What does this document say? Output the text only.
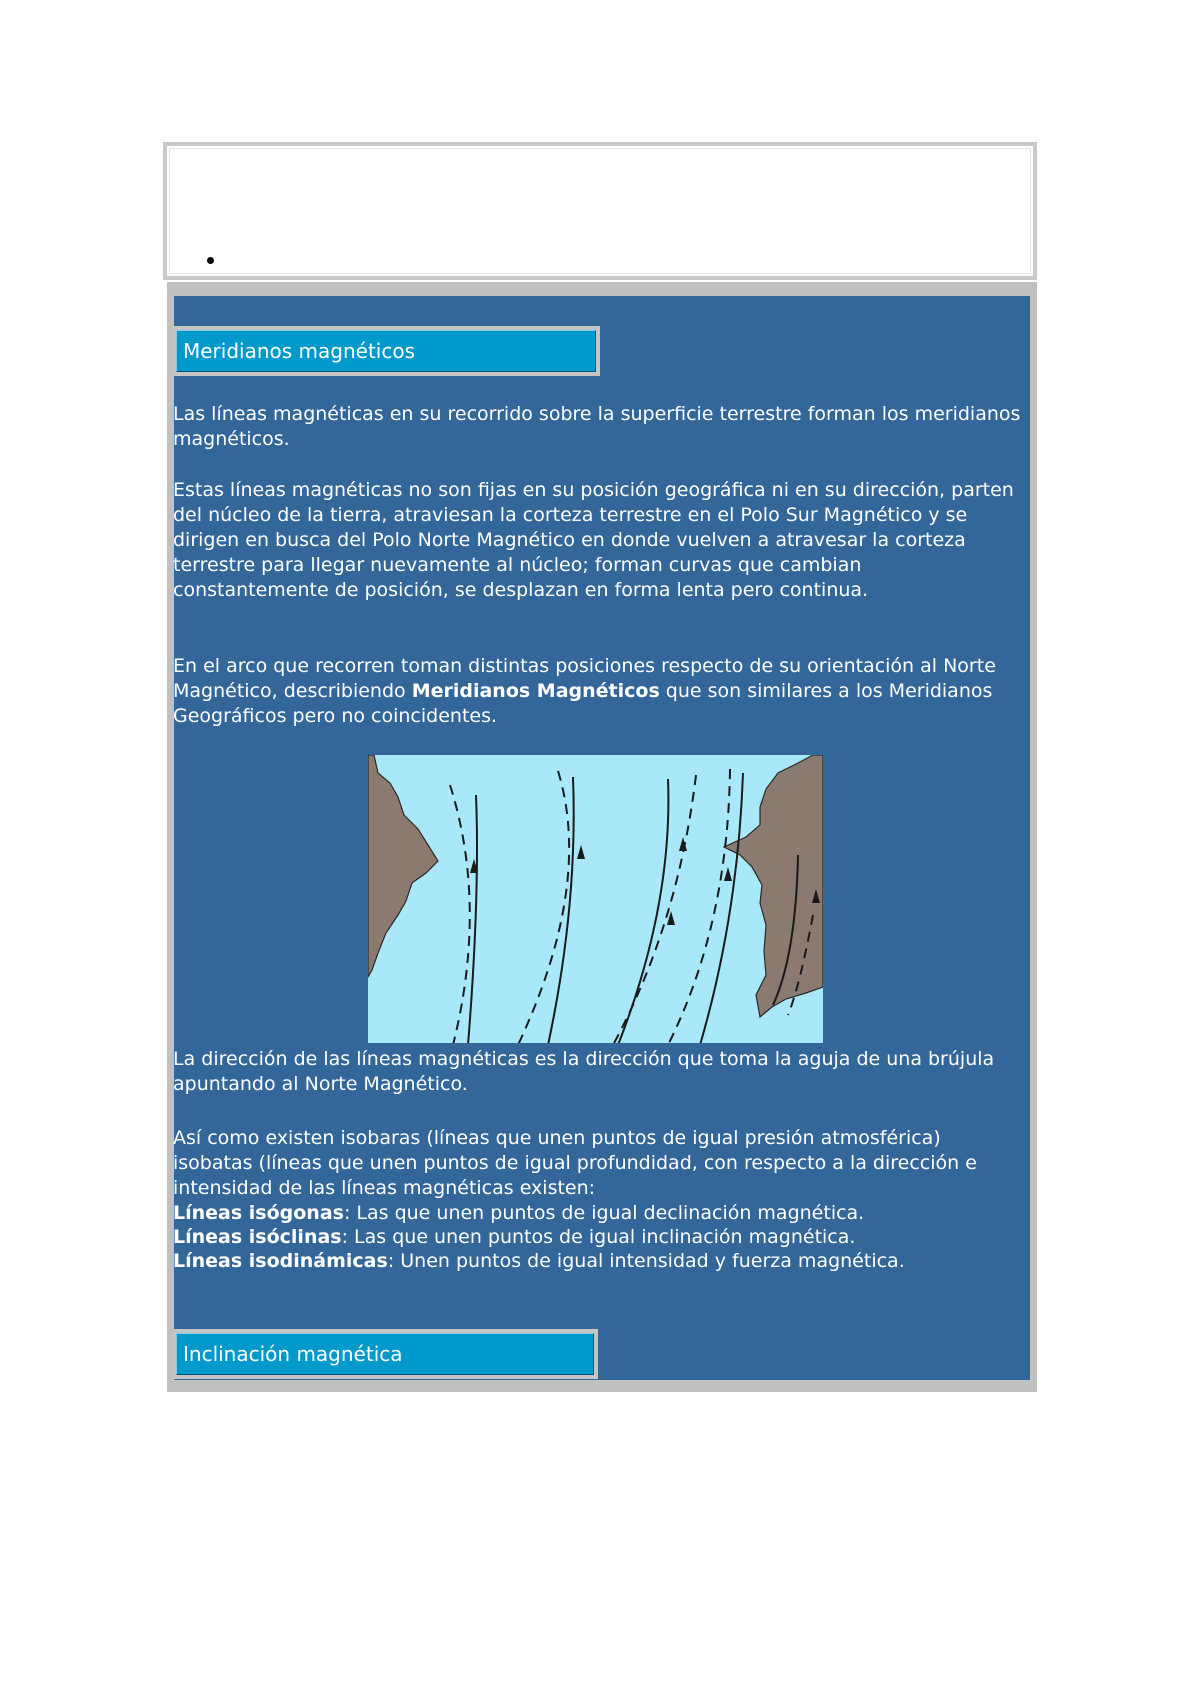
Meridianos magnéticos

Las líneas magnéticas en su recorrido sobre la superficie terrestre forman los meridianos magnéticos.

Estas líneas magnéticas no son fijas en su posición geográfica ni en su dirección, parten del núcleo de la tierra, atraviesan la corteza terrestre en el Polo Sur Magnético y se dirigen en busca del Polo Norte Magnético en donde vuelven a atravesar la corteza terrestre para llegar nuevamente al núcleo; forman curvas que cambian constantemente de posición, se desplazan en forma lenta pero continua.

En el arco que recorren toman distintas posiciones respecto de su orientación al Norte Magnético, describiendo Meridianos Magnéticos que son similares a los Meridianos Geográficos pero no coincidentes.

La dirección de las líneas magnéticas es la dirección que toma la aguja de una brújula apuntando al Norte Magnético.

Así como existen isobaras (líneas que unen puntos de igual presión atmosférica) isobatas (líneas que unen puntos de igual profundidad, con respecto a la dirección e intensidad de las líneas magnéticas existen:

Líneas isógonas: Las que unen puntos de igual declinación magnética.

Líneas isóclinas: Las que unen puntos de igual inclinación magnética.

Líneas isodinámicas: Unen puntos de igual intensidad y fuerza magnética.

Inclinación magnética
